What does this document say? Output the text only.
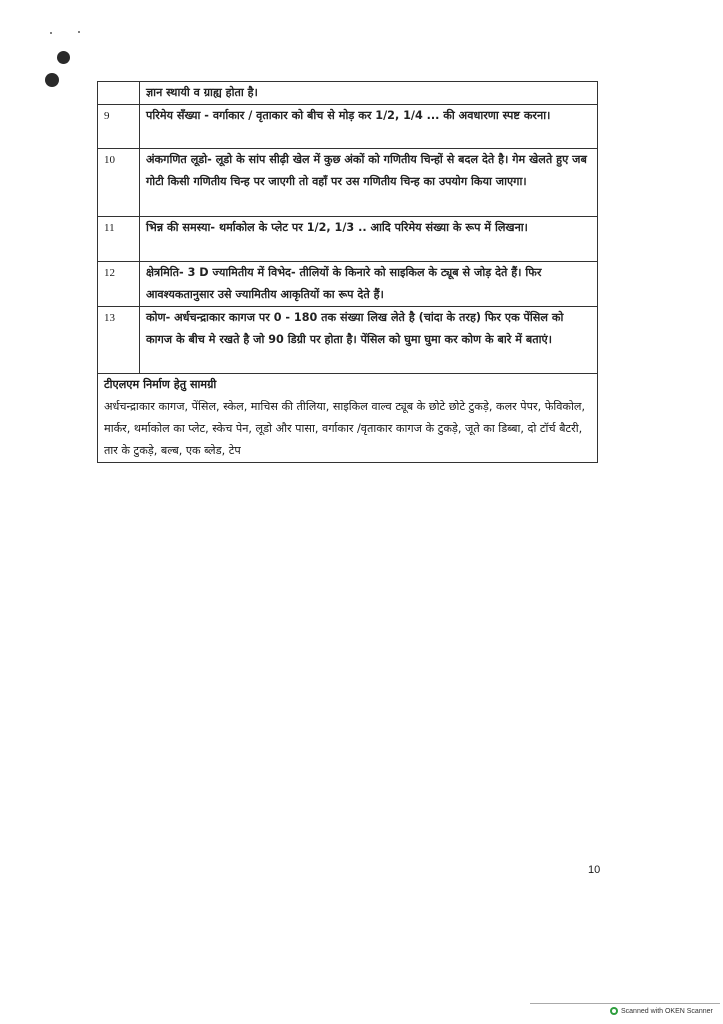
	ज्ञान स्थायी व ग्राह्य होता है।
9	परिमेय सँख्या - वर्गाकार / वृताकार को बीच से मोड़ कर 1/2, 1/4 ... की अवधारणा स्पष्ट करना।
10	अंकगणित लूडो- लूडो के सांप सीढ़ी खेल में कुछ अंकों को गणितीय चिन्हों से बदल देते है। गेम खेलते हुए जब गोटी किसी गणितीय चिन्ह पर जाएगी तो वहाँ पर उस गणितीय चिन्ह का उपयोग किया जाएगा।
11	भिन्न की समस्या- थर्माकोल के प्लेट पर 1/2, 1/3 .. आदि परिमेय संख्या के रूप में लिखना।
12	क्षेत्रमिति- 3 D ज्यामितीय में विभेद- तीलियों के किनारे को साइकिल के ट्यूब से जोड़ देते हैं। फिर आवश्यकतानुसार उसे ज्यामितीय आकृतियों का रूप देते हैं।
13	कोण- अर्धचन्द्राकार कागज पर 0 - 180 तक संख्या लिख लेते है (चांदा के तरह) फिर एक पेंसिल को कागज के बीच मे रखते है जो 90 डिग्री पर होता है। पेंसिल को घुमा घुमा कर कोण के बारे में बताएं।

टीएलएम निर्माण हेतु सामग्री
अर्धचन्द्राकार कागज, पेंसिल, स्केल, माचिस की तीलिया, साइकिल वाल्व ट्यूब के छोटे छोटे टुकड़े, कलर पेपर, फेविकोल, मार्कर, थर्माकोल का प्लेट, स्केच पेन, लूडो और पासा, वर्गाकार /वृताकार कागज के टुकड़े, जूते का डिब्बा, दो टॉर्च बैटरी, तार के टुकड़े, बल्ब, एक ब्लेड, टेप	
10
Scanned with OKEN Scanner
